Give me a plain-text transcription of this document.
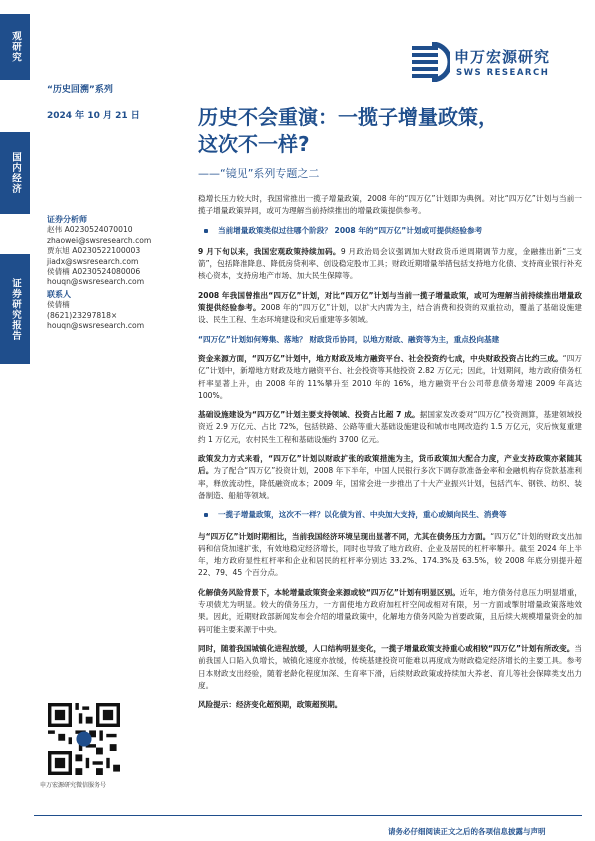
观研究
国内经济
证券研究报告
“历史回溯”系列
2024 年 10 月 21 日
申万宏源研究
SWS RESEARCH
历史不会重演：一揽子增量政策，
这次不一样?
——“镜见”系列专题之二
证券分析师
赵伟 A0230524070010
zhaowei@swsresearch.com
贾东旭 A0230522100003
jiadx@swsresearch.com
侯倩楠 A0230524080006
houqn@swsresearch.com
联系人
侯倩楠
(8621)23297818×
houqn@swsresearch.com
申万宏源研究微信服务号
稳增长压力较大时，我国常推出一揽子增量政策，2008 年的“四万亿”计划即为典例。对比“四万亿”计划与当前一揽子增量政策异同，或可为理解当前持续推出的增量政策提供参考。
当前增量政策类似过往哪个阶段？ 2008 年的“四万亿”计划或可提供经验参考
9 月下旬以来，我国宏观政策持续加码。9 月政治局会议强调加大财政货币逆周期调节力度，金融推出新“三支箭”，包括降准降息、降低房贷利率、创设稳定股市工具；财政近期增量举措包括支持地方化债、支持商业银行补充核心资本，支持房地产市场、加大民生保障等。
2008 年我国曾推出“四万亿”计划，对比“四万亿”计划与当前一揽子增量政策，或可为理解当前持续推出增量政策提供经验参考。2008 年的“四万亿”计划，以扩大内需为主，结合消费和投资的双重拉动，覆盖了基础设施建设、民生工程、生态环境建设和灾后重建等多领域。
“四万亿”计划如何筹集、落地？ 财政货币协同，以地方财政、融资等为主，重点投向基建
资金来源方面，“四万亿”计划中，地方财政及地方融资平台、社会投资约七成，中央财政投资占比约三成。“四万亿”计划中，新增地方财政及地方融资平台、社会投资等其他投资 2.82 万亿元；因此，计划期间，地方政府债务杠杆率显著上升，由 2008 年的 11%攀升至 2010 年的 16%，地方融资平台公司带息债务增速 2009 年高达 100%。
基础设施建设为“四万亿”计划主要支持领域、投资占比超 7 成。据国家发改委对“四万亿”投资测算，基建领域投资近 2.9 万亿元、占比 72%，包括铁路、公路等重大基础设施建设和城市电网改造约 1.5 万亿元，灾后恢复重建约 1 万亿元，农村民生工程和基础设施约 3700 亿元。
政策发力方式来看，“四万亿”计划以财政扩张的政策措施为主，货币政策加大配合力度，产业支持政策亦紧随其后。为了配合“四万亿”投资计划，2008 年下半年，中国人民银行多次下调存款准备金率和金融机构存贷款基准利率，释放流动性，降低融资成本；2009 年，国常会进一步推出了十大产业振兴计划，包括汽车、钢铁、纺织、装备制造、船舶等领域。
一揽子增量政策，这次不一样？以化债为首、中央加大支持，重心或倾向民生、消费等
与“四万亿”计划时期相比，当前我国经济环境呈现出显著不同，尤其在债务压力方面。“四万亿”计划的财政支出加码和信贷加速扩张，有效地稳定经济增长，同时也导致了地方政府、企业及居民的杠杆率攀升。截至 2024 年上半年，地方政府显性杠杆率和企业和居民的杠杆率分别达 33.2%、174.3%及 63.5%，较 2008 年底分别提升超 22、79、45 个百分点。
化解债务风险背景下，本轮增量政策资金来源或较“四万亿”计划有明显区别。近年，地方债务付息压力明显增重，专项债尤为明显。较大的债务压力，一方面使地方政府加杠杆空间或相对有限，另一方面或掣肘增量政策落地效果。因此，近期财政部新闻发布会介绍的增量政策中，化解地方债务风险为首要政策，且后续大规模增量资金的加码可能主要来源于中央。
同时，随着我国城镇化进程放缓，人口结构明显变化，一揽子增量政策支持重心或相较“四万亿”计划有所改变。当前我国人口陷入负增长，城镇化速度亦放缓，传统基建投资可能难以再度成为财政稳定经济增长的主要工具。参考日本财政支出经验，随着老龄化程度加深、生育率下滑，后续财政政策或持续加大养老、育儿等社会保障类支出力度。
风险提示：经济变化超预期，政策超预期。
请务必仔细阅读正文之后的各项信息披露与声明
